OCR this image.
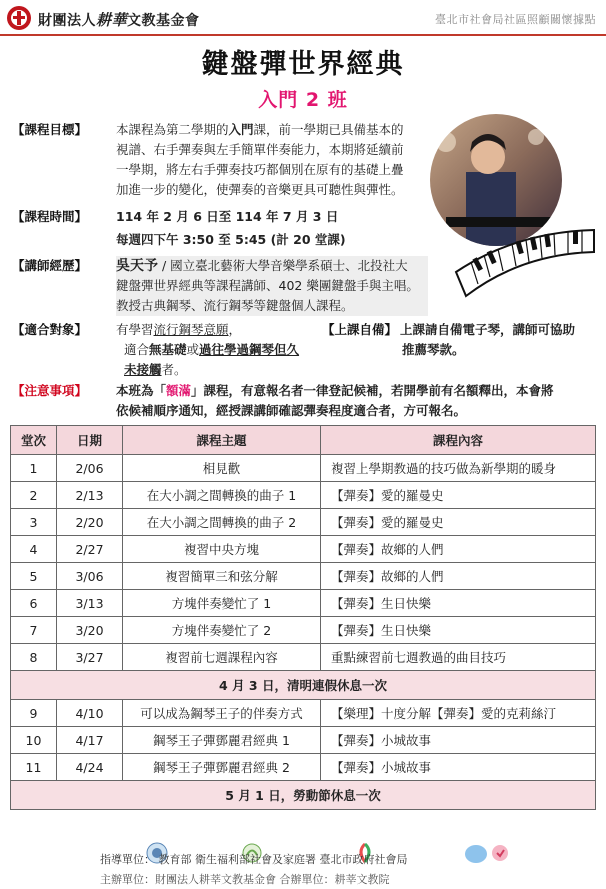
財團法人耕華文教基金會	臺北市社會局社區照顧關懷據點
鍵盤彈世界經典
入門 2 班
【課程目標】	本課程為第二學期的入門課，前一學期已具備基本的
視譜、右手彈奏與左手簡單伴奏能力，本期將延續前
一學期，將左右手彈奏技巧都個別在原有的基礎上疊
加進一步的變化，使彈奏的音樂更具可聽性與彈性。
【課程時間】	114 年 2 月 6 日至 114 年 7 月 3 日
每週四下午 3:50 至 5:45 (計 20 堂課)
【講師經歷】	吳天予 / 國立臺北藝術大學音樂學系碩士、北投社大
鍵盤彈世界經典等課程講師、402 樂團鍵盤手與主唱。
教授古典鋼琴、流行鋼琴等鍵盤個人課程。
【適合對象】	有學習流行鋼琴意願，
適合無基礎或過往學過鋼琴但久
未接觸者。
【上課自備】 上課請自備電子琴，講師可協助
推薦琴款。
【注意事項】	本班為「額滿」課程，有意報名者一律登記候補，若開學前有名額釋出，本會將
依候補順序通知，經授課講師確認彈奏程度適合者，方可報名。
堂次	日期	課程主題	課程內容
1	2/06	相見歡	複習上學期教過的技巧做為新學期的暖身
2	2/13	在大小調之間轉換的曲子 1	【彈奏】愛的羅曼史
3	2/20	在大小調之間轉換的曲子 2	【彈奏】愛的羅曼史
4	2/27	複習中央方塊	【彈奏】故鄉的人們
5	3/06	複習簡單三和弦分解	【彈奏】故鄉的人們
6	3/13	方塊伴奏變忙了 1	【彈奏】生日快樂
7	3/20	方塊伴奏變忙了 2	【彈奏】生日快樂
8	3/27	複習前七週課程內容	重點練習前七週教過的曲目技巧
4 月 3 日，清明連假休息一次			
9	4/10	可以成為鋼琴王子的伴奏方式	【樂理】十度分解【彈奏】愛的克莉絲汀
10	4/17	鋼琴王子彈鄧麗君經典 1	【彈奏】小城故事
11	4/24	鋼琴王子彈鄧麗君經典 2	【彈奏】小城故事
5 月 1 日，勞動節休息一次			
指導單位： 教育部 衛生福利部社會及家庭署 臺北市政府社會局
主辦單位：財團法人耕莘文教基金會 合辦單位：耕莘文教院
